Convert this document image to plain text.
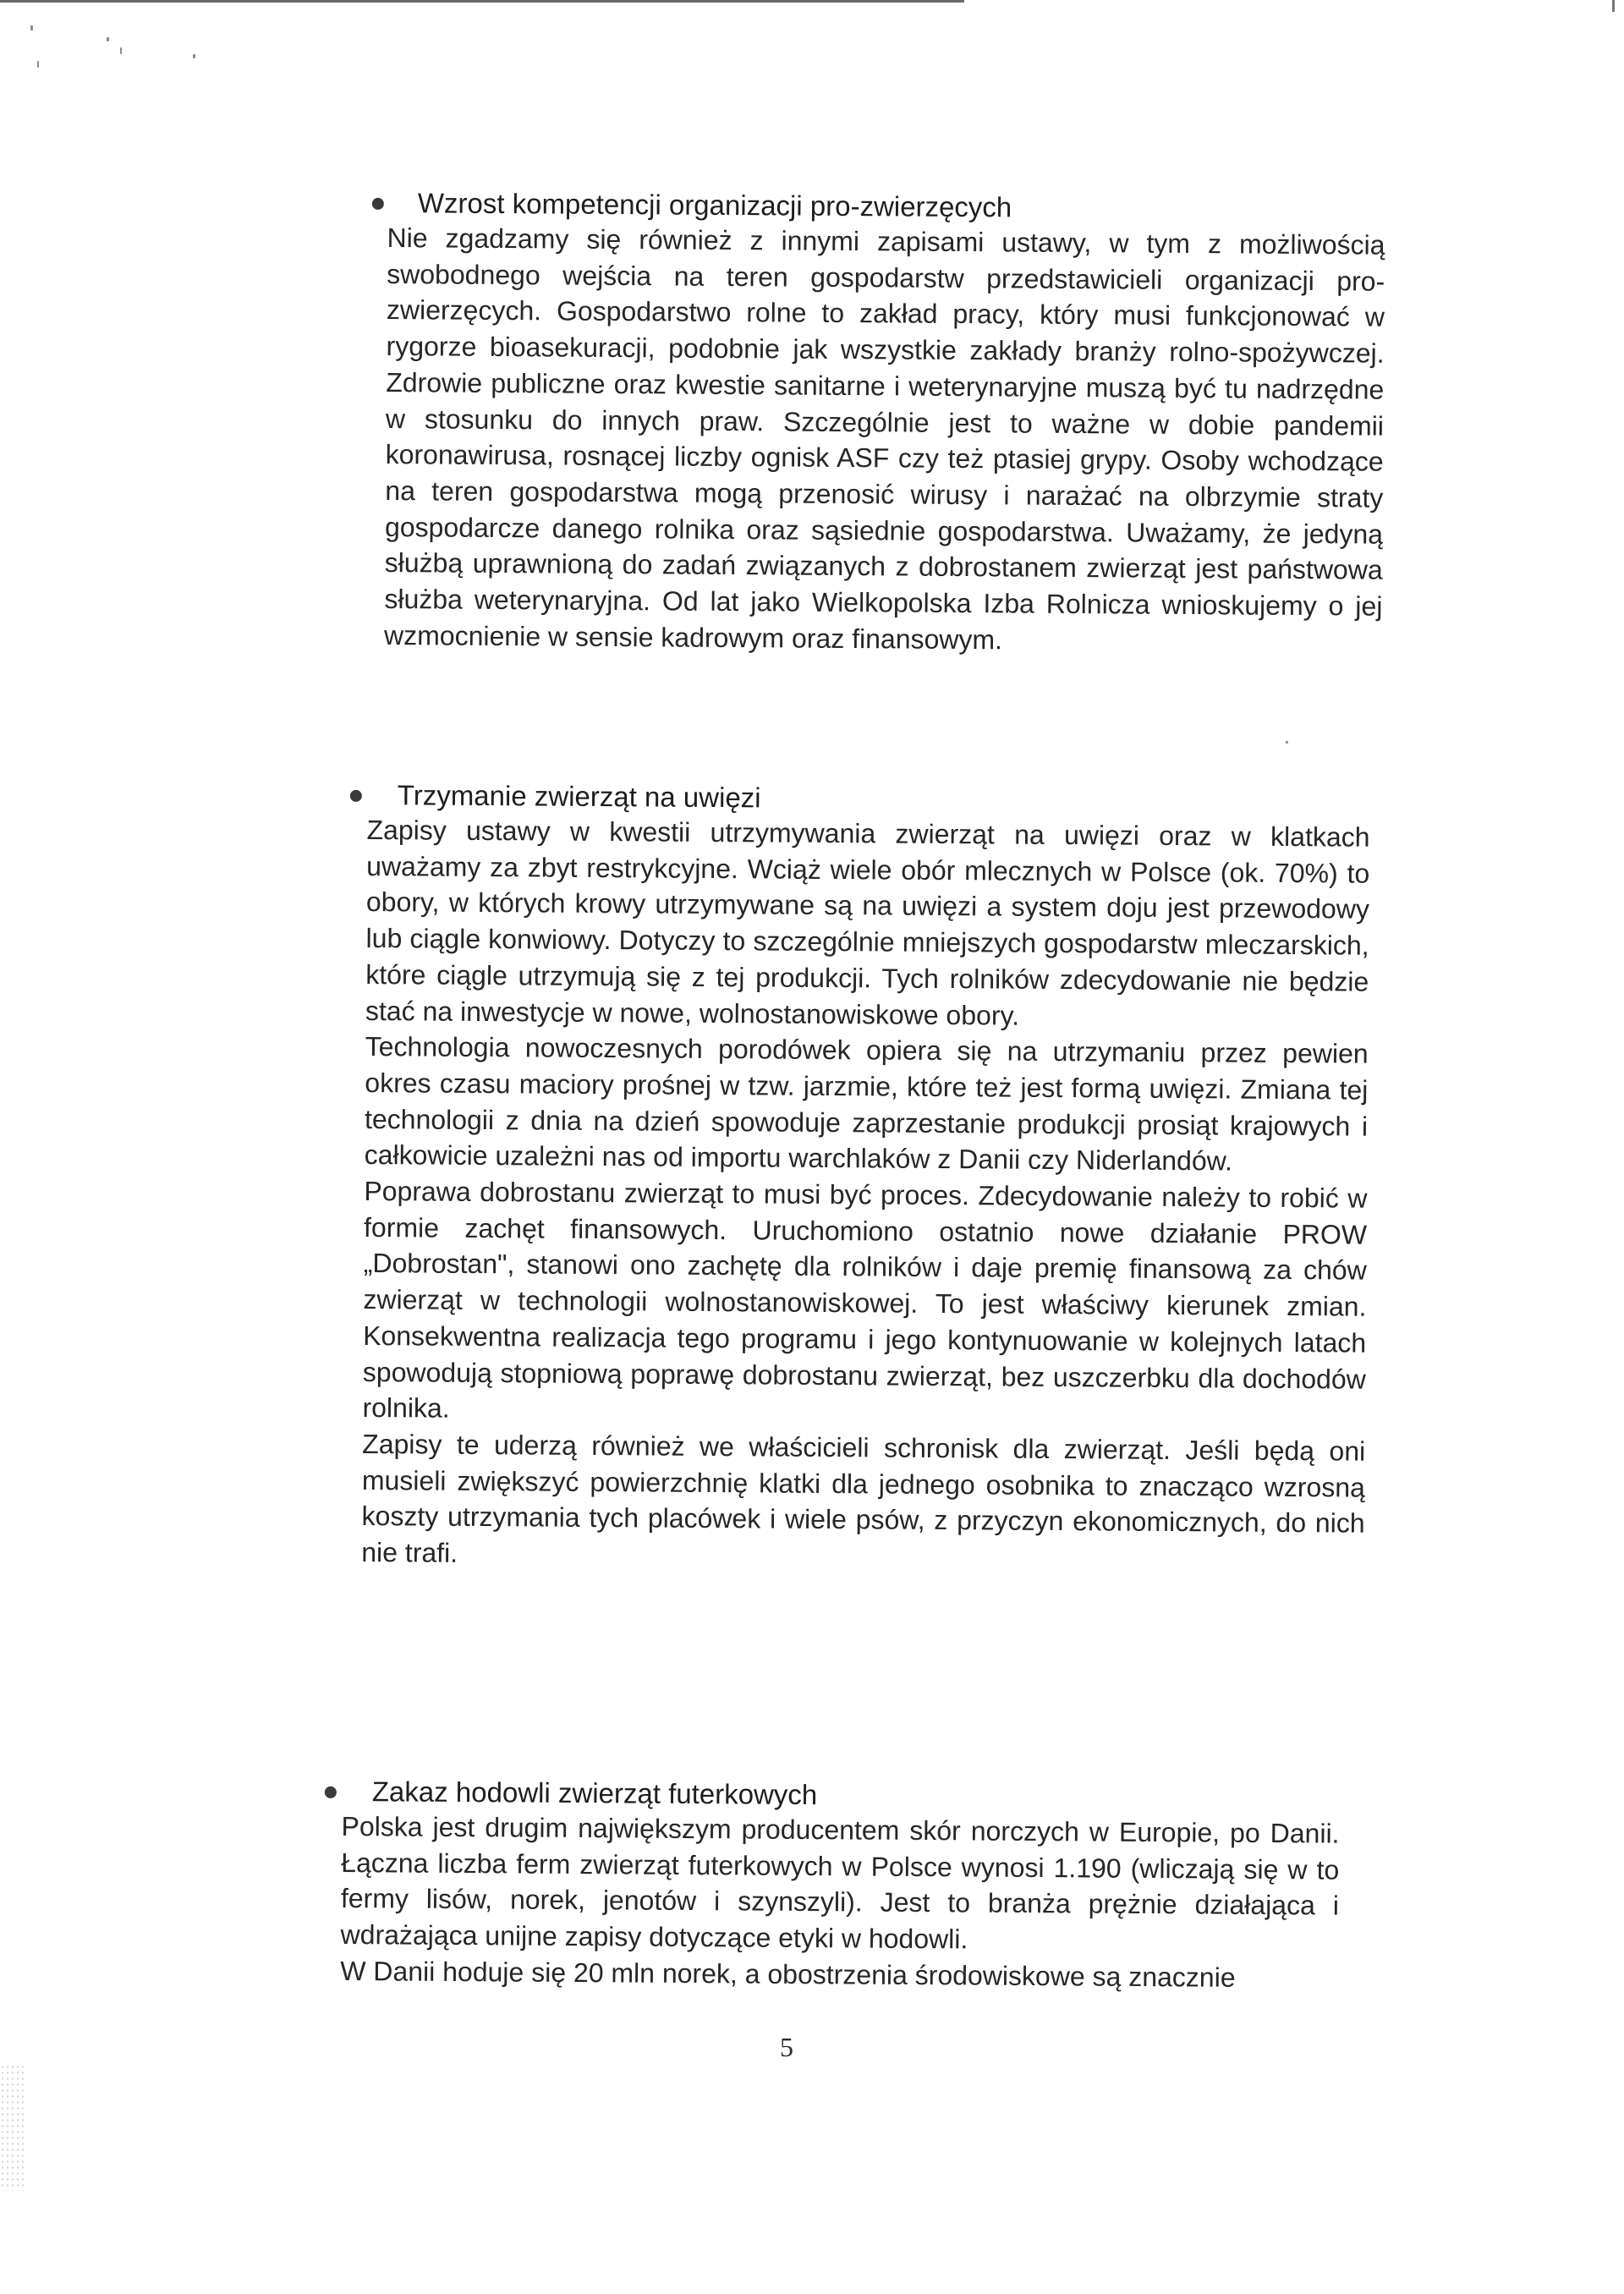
Wzrost kompetencji organizacji pro-zwierzęcych

Nie zgadzamy się również z innymi zapisami ustawy, w tym z możliwością swobodnego wejścia na teren gospodarstw przedstawicieli organizacji pro-zwierzęcych. Gospodarstwo rolne to zakład pracy, który musi funkcjonować w rygorze bioasekuracji, podobnie jak wszystkie zakłady branży rolno-spożywczej. Zdrowie publiczne oraz kwestie sanitarne i weterynaryjne muszą być tu nadrzędne w stosunku do innych praw. Szczególnie jest to ważne w dobie pandemii koronawirusa, rosnącej liczby ognisk ASF czy też ptasiej grypy. Osoby wchodzące na teren gospodarstwa mogą przenosić wirusy i narażać na olbrzymie straty gospodarcze danego rolnika oraz sąsiednie gospodarstwa. Uważamy, że jedyną służbą uprawnioną do zadań związanych z dobrostanem zwierząt jest państwowa służba weterynaryjna. Od lat jako Wielkopolska Izba Rolnicza wnioskujemy o jej wzmocnienie w sensie kadrowym oraz finansowym.

Trzymanie zwierząt na uwięzi

Zapisy ustawy w kwestii utrzymywania zwierząt na uwięzi oraz w klatkach uważamy za zbyt restrykcyjne. Wciąż wiele obór mlecznych w Polsce (ok. 70%) to obory, w których krowy utrzymywane są na uwięzi a system doju jest przewodowy lub ciągle konwiowy. Dotyczy to szczególnie mniejszych gospodarstw mleczarskich, które ciągle utrzymują się z tej produkcji. Tych rolników zdecydowanie nie będzie stać na inwestycje w nowe, wolnostanowiskowe obory.

Technologia nowoczesnych porodówek opiera się na utrzymaniu przez pewien okres czasu maciory prośnej w tzw. jarzmie, które też jest formą uwięzi. Zmiana tej technologii z dnia na dzień spowoduje zaprzestanie produkcji prosiąt krajowych i całkowicie uzależni nas od importu warchlaków z Danii czy Niderlandów.

Poprawa dobrostanu zwierząt to musi być proces. Zdecydowanie należy to robić w formie zachęt finansowych. Uruchomiono ostatnio nowe działanie PROW „Dobrostan", stanowi ono zachętę dla rolników i daje premię finansową za chów zwierząt w technologii wolnostanowiskowej. To jest właściwy kierunek zmian. Konsekwentna realizacja tego programu i jego kontynuowanie w kolejnych latach spowodują stopniową poprawę dobrostanu zwierząt, bez uszczerbku dla dochodów rolnika.

Zapisy te uderzą również we właścicieli schronisk dla zwierząt. Jeśli będą oni musieli zwiększyć powierzchnię klatki dla jednego osobnika to znacząco wzrosną koszty utrzymania tych placówek i wiele psów, z przyczyn ekonomicznych, do nich nie trafi.

Zakaz hodowli zwierząt futerkowych

Polska jest drugim największym producentem skór norczych w Europie, po Danii. Łączna liczba ferm zwierząt futerkowych w Polsce wynosi 1.190 (wliczają się w to fermy lisów, norek, jenotów i szynszyli). Jest to branża prężnie działająca i wdrażająca unijne zapisy dotyczące etyki w hodowli.

W Danii hoduje się 20 mln norek, a obostrzenia środowiskowe są znacznie

5
